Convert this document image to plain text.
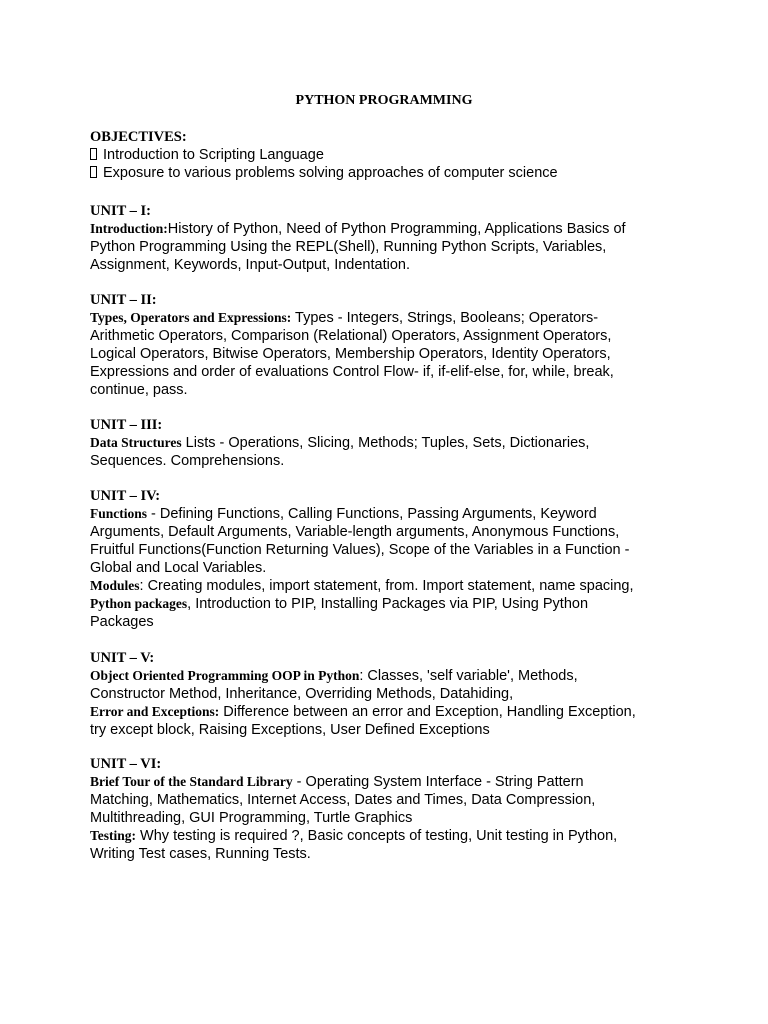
PYTHON PROGRAMMING
OBJECTIVES:
Introduction to Scripting Language
Exposure to various problems solving approaches of computer science
UNIT – I:
Introduction:History of Python, Need of Python Programming, Applications Basics of
Python Programming Using the REPL(Shell), Running Python Scripts, Variables,
Assignment, Keywords, Input-Output, Indentation.
UNIT – II:
Types, Operators and Expressions: Types - Integers, Strings, Booleans; Operators-
Arithmetic Operators, Comparison (Relational) Operators, Assignment Operators,
Logical Operators, Bitwise Operators, Membership Operators, Identity Operators,
Expressions and order of evaluations Control Flow- if, if-elif-else, for, while, break,
continue, pass.
UNIT – III:
Data Structures Lists - Operations, Slicing, Methods; Tuples, Sets, Dictionaries,
Sequences. Comprehensions.
UNIT – IV:
Functions - Defining Functions, Calling Functions, Passing Arguments, Keyword
Arguments, Default Arguments, Variable-length arguments, Anonymous Functions,
Fruitful Functions(Function Returning Values), Scope of the Variables in a Function -
Global and Local Variables.
Modules: Creating modules, import statement, from. Import statement, name spacing,
Python packages, Introduction to PIP, Installing Packages via PIP, Using Python
Packages
UNIT – V:
Object Oriented Programming OOP in Python: Classes, 'self variable', Methods,
Constructor Method, Inheritance, Overriding Methods, Datahiding,
Error and Exceptions: Difference between an error and Exception, Handling Exception,
try except block, Raising Exceptions, User Defined Exceptions
UNIT – VI:
Brief Tour of the Standard Library - Operating System Interface - String Pattern
Matching, Mathematics, Internet Access, Dates and Times, Data Compression,
Multithreading, GUI Programming, Turtle Graphics
Testing: Why testing is required ?, Basic concepts of testing, Unit testing in Python,
Writing Test cases, Running Tests.
